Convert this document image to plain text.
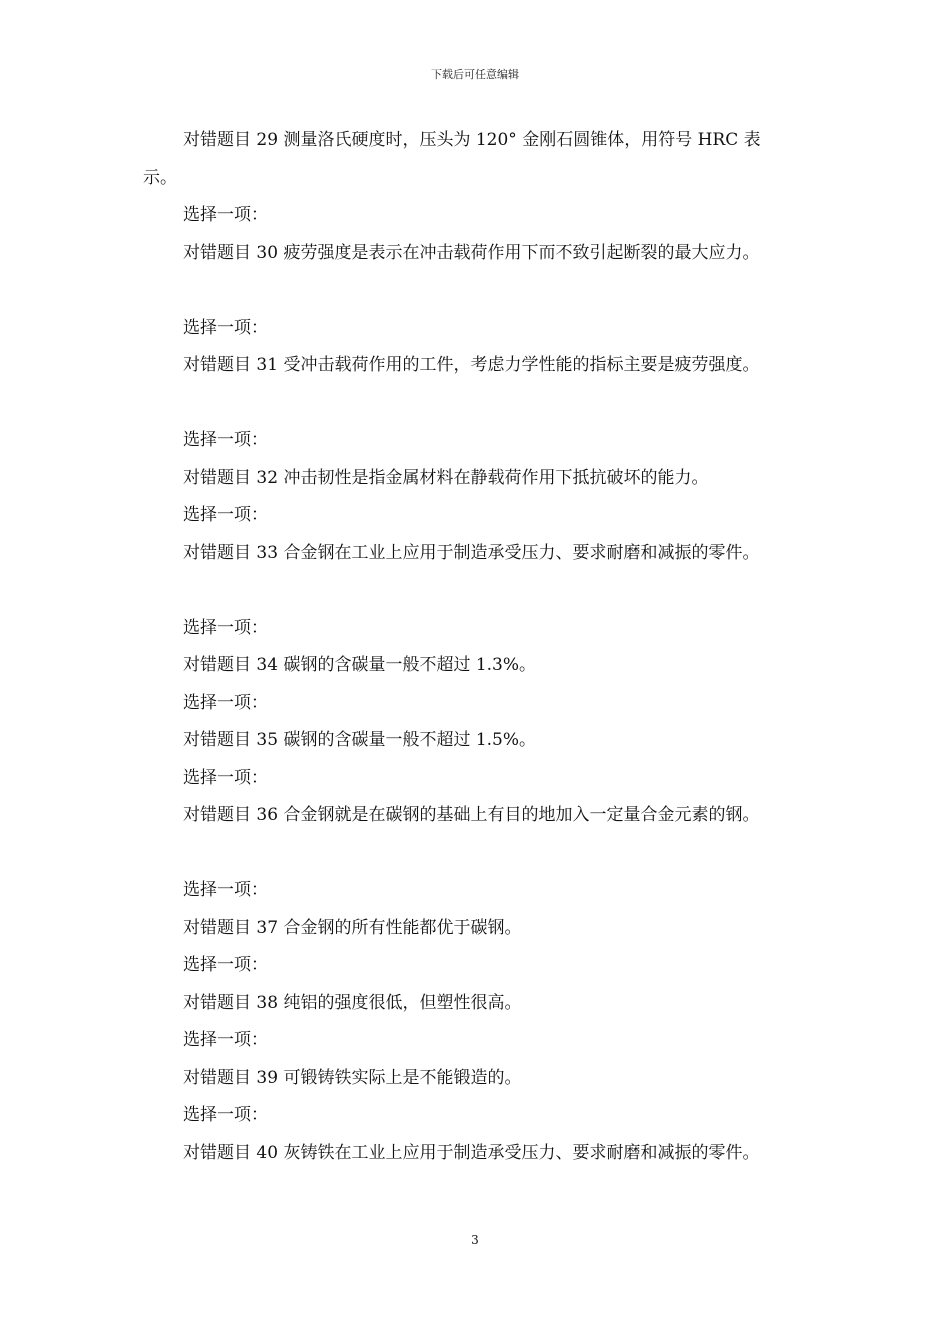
下载后可任意编辑
对错题目 29 测量洛氏硬度时，压头为 120° 金刚石圆锥体，用符号 HRC 表
示。
选择一项：
对错题目 30 疲劳强度是表示在冲击载荷作用下而不致引起断裂的最大应力。
选择一项：
对错题目 31 受冲击载荷作用的工件，考虑力学性能的指标主要是疲劳强度。
选择一项：
对错题目 32 冲击韧性是指金属材料在静载荷作用下抵抗破坏的能力。
选择一项：
对错题目 33 合金钢在工业上应用于制造承受压力、要求耐磨和减振的零件。
选择一项：
对错题目 34 碳钢的含碳量一般不超过 1.3%。
选择一项：
对错题目 35 碳钢的含碳量一般不超过 1.5%。
选择一项：
对错题目 36 合金钢就是在碳钢的基础上有目的地加入一定量合金元素的钢。
选择一项：
对错题目 37 合金钢的所有性能都优于碳钢。
选择一项：
对错题目 38 纯铝的强度很低，但塑性很高。
选择一项：
对错题目 39 可锻铸铁实际上是不能锻造的。
选择一项：
对错题目 40 灰铸铁在工业上应用于制造承受压力、要求耐磨和减振的零件。
3
